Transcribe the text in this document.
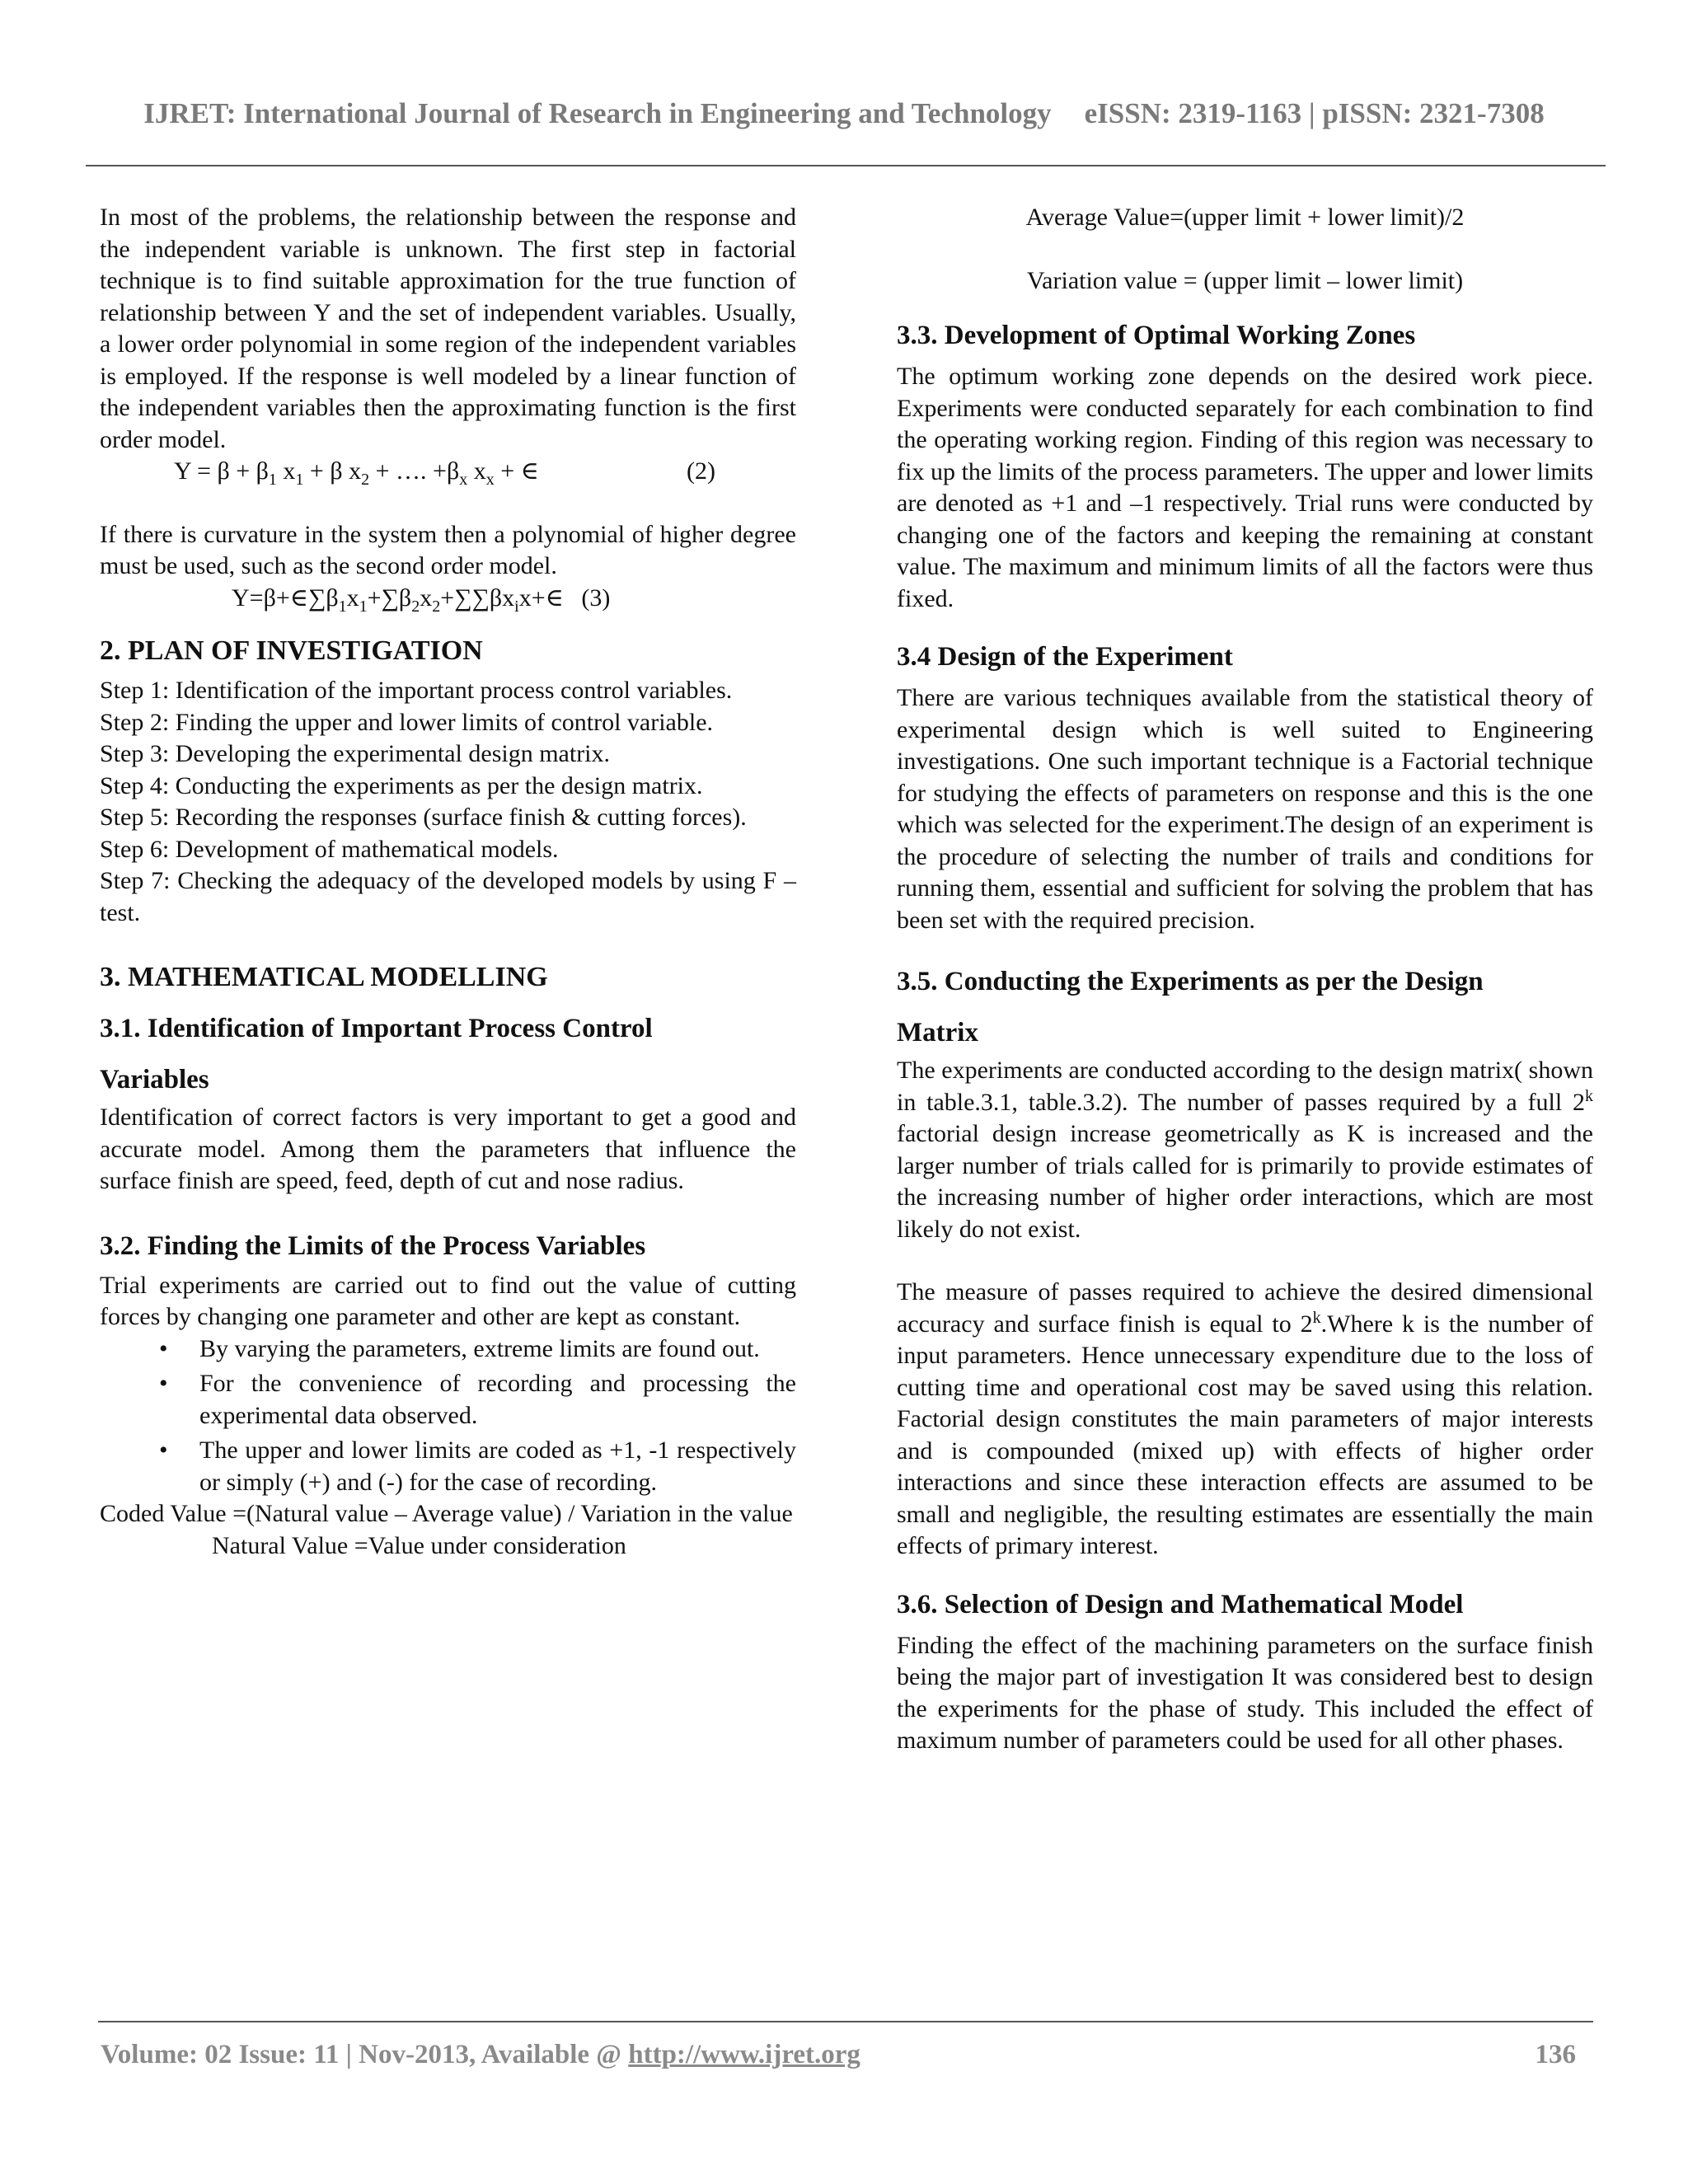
IJRET: International Journal of Research in Engineering and Technology eISSN: 2319-1163 | pISSN: 2321-7308

In most of the problems, the relationship between the response and the independent variable is unknown. The first step in factorial technique is to find suitable approximation for the true function of relationship between Y and the set of independent variables. Usually, a lower order polynomial in some region of the independent variables is employed. If the response is well modeled by a linear function of the independent variables then the approximating function is the first order model.

$Y = \beta + \beta_1$ $x_1 + \beta$ $x_2$ + …. $+\beta_x$ $x_x$ + ∈	(2)

If there is curvature in the system then a polynomial of higher degree must be used, such as the second order model.

$Y=\beta+\in\sum\beta_1x_1+\sum\beta_2x_2+\sum\sum\beta x_ix+\in$ (3)

2. PLAN OF INVESTIGATION

Step 1: Identification of the important process control variables.

Step 2: Finding the upper and lower limits of control variable.

Step 3: Developing the experimental design matrix.

Step 4: Conducting the experiments as per the design matrix.

Step 5: Recording the responses (surface finish & cutting forces).

Step 6: Development of mathematical models.

Step 7: Checking the adequacy of the developed models by using F –test.

3. MATHEMATICAL MODELLING
3.1. Identification of Important Process Control
Variables

Identification of correct factors is very important to get a good and accurate model. Among them the parameters that influence the surface finish are speed, feed, depth of cut and nose radius.

3.2. Finding the Limits of the Process Variables

Trial experiments are carried out to find out the value of cutting forces by changing one parameter and other are kept as constant.

• By varying the parameters, extreme limits are found out.
• For the convenience of recording and processing the experimental data observed.
• The upper and lower limits are coded as +1, -1 respectively or simply (+) and (-) for the case of recording.

Coded Value =(Natural value – Average value) / Variation in the value

Natural Value =Value under consideration

Average Value=(upper limit + lower limit)/2

Variation value = (upper limit – lower limit)

3.3. Development of Optimal Working Zones

The optimum working zone depends on the desired work piece. Experiments were conducted separately for each combination to find the operating working region. Finding of this region was necessary to fix up the limits of the process parameters. The upper and lower limits are denoted as +1 and –1 respectively. Trial runs were conducted by changing one of the factors and keeping the remaining at constant value. The maximum and minimum limits of all the factors were thus fixed.

3.4 Design of the Experiment

There are various techniques available from the statistical theory of experimental design which is well suited to Engineering investigations. One such important technique is a Factorial technique for studying the effects of parameters on response and this is the one which was selected for the experiment.The design of an experiment is the procedure of selecting the number of trails and conditions for running them, essential and sufficient for solving the problem that has been set with the required precision.

3.5. Conducting the Experiments as per the Design
Matrix

The experiments are conducted according to the design matrix( shown in table.3.1, table.3.2). The number of passes required by a full 2$^k$ factorial design increase geometrically as K is increased and the larger number of trials called for is primarily to provide estimates of the increasing number of higher order interactions, which are most likely do not exist.

The measure of passes required to achieve the desired dimensional accuracy and surface finish is equal to 2$^k$.Where k is the number of input parameters. Hence unnecessary expenditure due to the loss of cutting time and operational cost may be saved using this relation. Factorial design constitutes the main parameters of major interests and is compounded (mixed up) with effects of higher order interactions and since these interaction effects are assumed to be small and negligible, the resulting estimates are essentially the main effects of primary interest.

3.6. Selection of Design and Mathematical Model

Finding the effect of the machining parameters on the surface finish being the major part of investigation It was considered best to design the experiments for the phase of study. This included the effect of maximum number of parameters could be used for all other phases.

Volume: 02 Issue: 11 | Nov-2013, Available @ http://www.ijret.org	136
